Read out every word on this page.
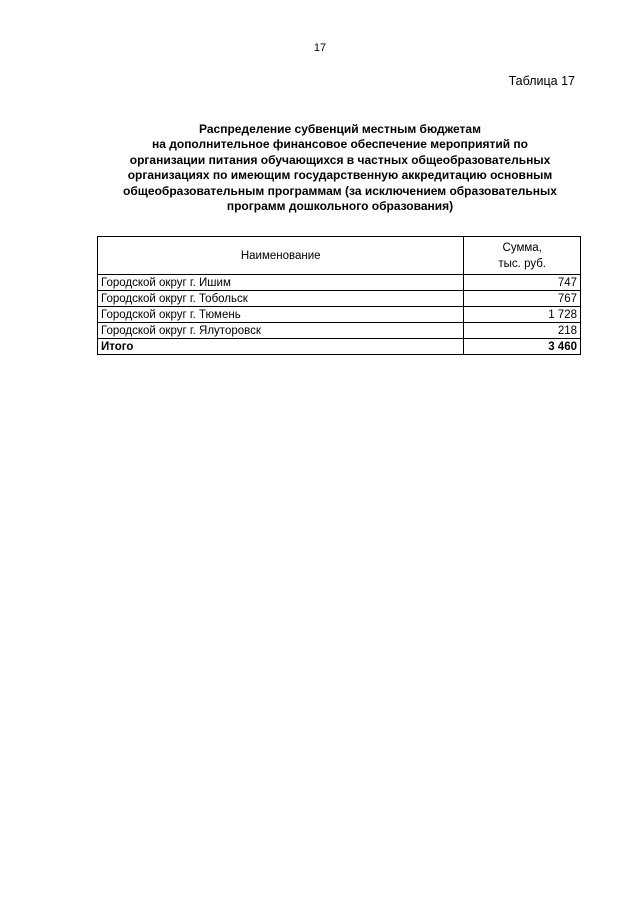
17
Таблица 17
Распределение субвенций местным бюджетам
на дополнительное финансовое обеспечение мероприятий по
организации питания обучающихся в частных общеобразовательных
организациях по имеющим государственную аккредитацию основным
общеобразовательным программам (за исключением образовательных
программ дошкольного образования)
Наименование	Сумма,
тыс. руб.

Городской округ г. Ишим	747
Городской округ г. Тобольск	767
Городской округ г. Тюмень	1 728
Городской округ г. Ялуторовск	218
Итого	3 460
